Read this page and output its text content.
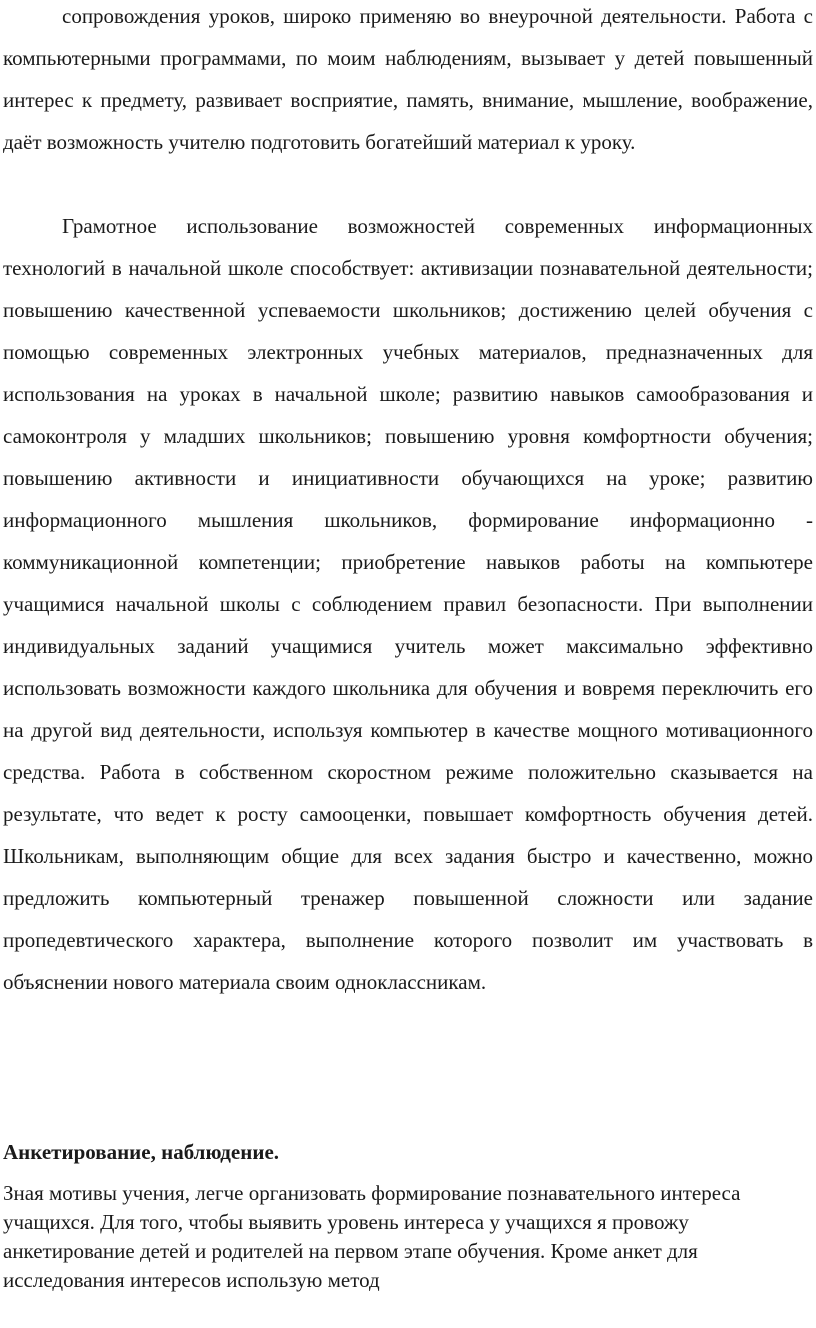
сопровождения уроков, широко применяю во внеурочной деятельности. Работа с компьютерными программами, по моим наблюдениям, вызывает у детей повышенный интерес к предмету, развивает восприятие, память, внимание, мышление, воображение, даёт возможность учителю подготовить богатейший материал к уроку.

Грамотное использование возможностей современных информационных технологий в начальной школе способствует: активизации познавательной деятельности; повышению качественной успеваемости школьников; достижению целей обучения с помощью современных электронных учебных материалов, предназначенных для использования на уроках в начальной школе; развитию навыков самообразования и самоконтроля у младших школьников; повышению уровня комфортности обучения; повышению активности и инициативности обучающихся на уроке; развитию информационного мышления школьников, формирование информационно - коммуникационной компетенции; приобретение навыков работы на компьютере учащимися начальной школы с соблюдением правил безопасности. При выполнении индивидуальных заданий учащимися учитель может максимально эффективно использовать возможности каждого школьника для обучения и вовремя переключить его на другой вид деятельности, используя компьютер в качестве мощного мотивационного средства. Работа в собственном скоростном режиме положительно сказывается на результате, что ведет к росту самооценки, повышает комфортность обучения детей. Школьникам, выполняющим общие для всех задания быстро и качественно, можно предложить компьютерный тренажер повышенной сложности или задание пропедевтического характера, выполнение которого позволит им участвовать в объяснении нового материала своим одноклассникам.

Анкетирование, наблюдение.

Зная мотивы учения, легче организовать формирование познавательного интереса учащихся. Для того, чтобы выявить уровень интереса у учащихся я провожу анкетирование детей и родителей на первом этапе обучения. Кроме анкет для исследования интересов использую метод
